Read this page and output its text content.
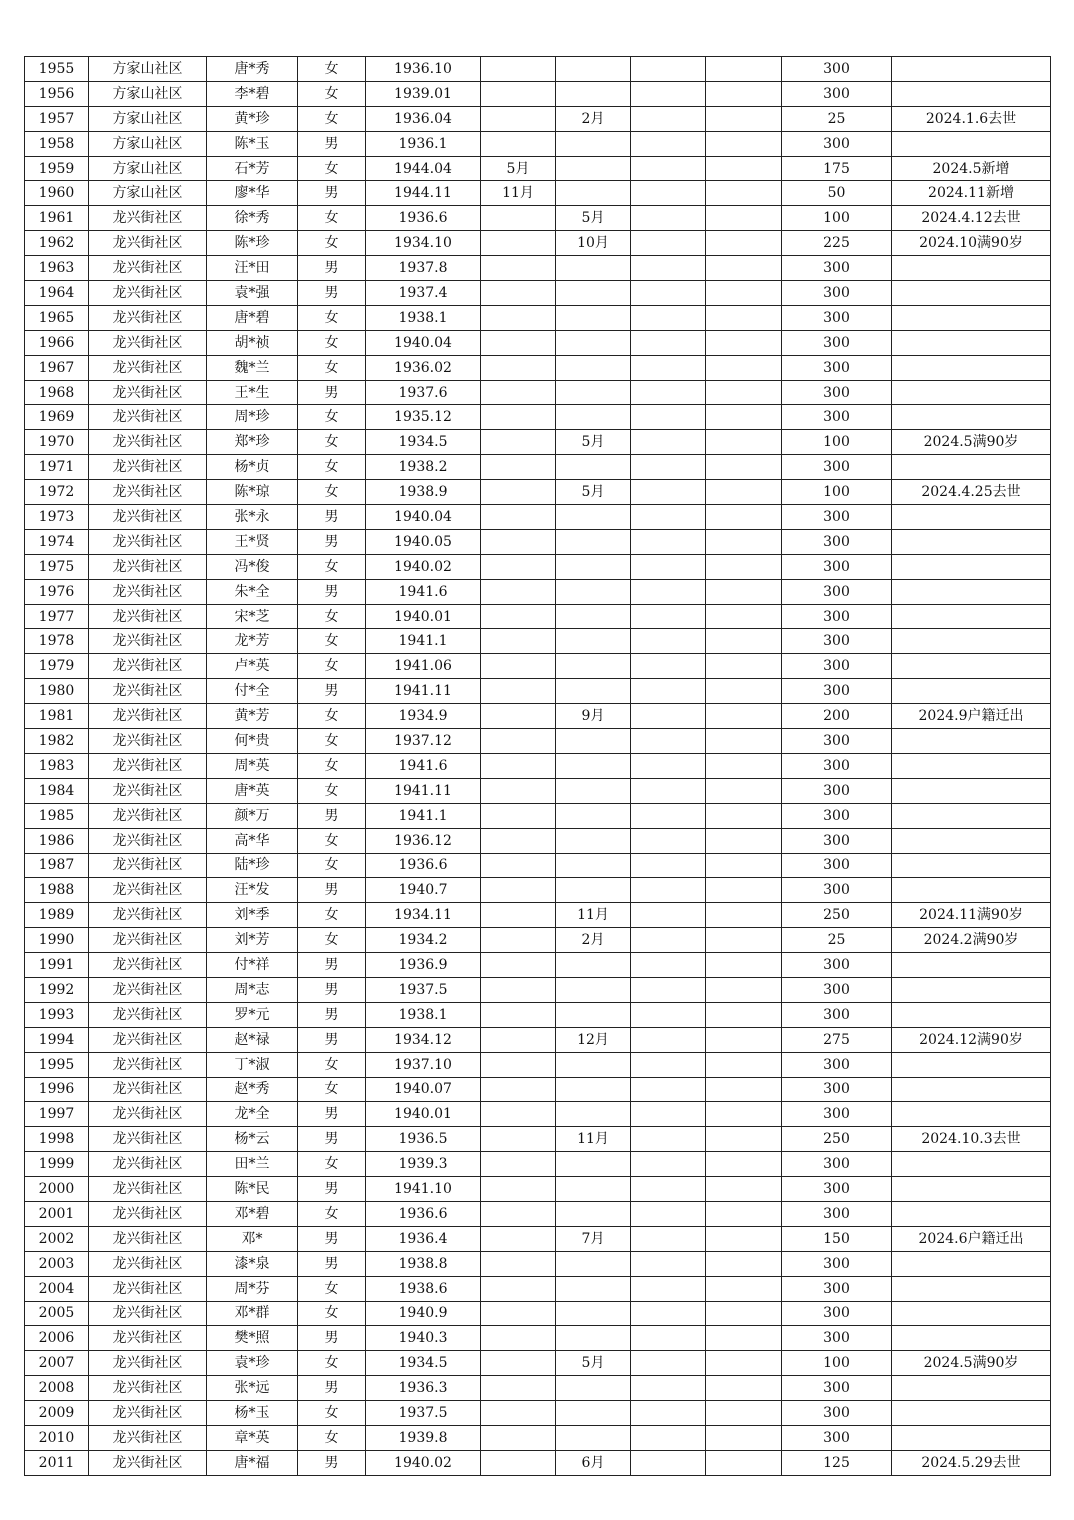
1955	方家山社区	唐*秀	女	1936.10					300	
1956	方家山社区	李*碧	女	1939.01					300	
1957	方家山社区	黄*珍	女	1936.04		2月			25	2024.1.6去世
1958	方家山社区	陈*玉	男	1936.1					300	
1959	方家山社区	石*芳	女	1944.04	5月				175	2024.5新增
1960	方家山社区	廖*华	男	1944.11	11月				50	2024.11新增
1961	龙兴街社区	徐*秀	女	1936.6		5月			100	2024.4.12去世
1962	龙兴街社区	陈*珍	女	1934.10		10月			225	2024.10满90岁
1963	龙兴街社区	汪*田	男	1937.8					300	
1964	龙兴街社区	袁*强	男	1937.4					300	
1965	龙兴街社区	唐*碧	女	1938.1					300	
1966	龙兴街社区	胡*祯	女	1940.04					300	
1967	龙兴街社区	魏*兰	女	1936.02					300	
1968	龙兴街社区	王*生	男	1937.6					300	
1969	龙兴街社区	周*珍	女	1935.12					300	
1970	龙兴街社区	郑*珍	女	1934.5		5月			100	2024.5满90岁
1971	龙兴街社区	杨*贞	女	1938.2					300	
1972	龙兴街社区	陈*琼	女	1938.9		5月			100	2024.4.25去世
1973	龙兴街社区	张*永	男	1940.04					300	
1974	龙兴街社区	王*贤	男	1940.05					300	
1975	龙兴街社区	冯*俊	女	1940.02					300	
1976	龙兴街社区	朱*全	男	1941.6					300	
1977	龙兴街社区	宋*芝	女	1940.01					300	
1978	龙兴街社区	龙*芳	女	1941.1					300	
1979	龙兴街社区	卢*英	女	1941.06					300	
1980	龙兴街社区	付*全	男	1941.11					300	
1981	龙兴街社区	黄*芳	女	1934.9		9月			200	2024.9户籍迁出
1982	龙兴街社区	何*贵	女	1937.12					300	
1983	龙兴街社区	周*英	女	1941.6					300	
1984	龙兴街社区	唐*英	女	1941.11					300	
1985	龙兴街社区	颜*万	男	1941.1					300	
1986	龙兴街社区	高*华	女	1936.12					300	
1987	龙兴街社区	陆*珍	女	1936.6					300	
1988	龙兴街社区	汪*发	男	1940.7					300	
1989	龙兴街社区	刘*季	女	1934.11		11月			250	2024.11满90岁
1990	龙兴街社区	刘*芳	女	1934.2		2月			25	2024.2满90岁
1991	龙兴街社区	付*祥	男	1936.9					300	
1992	龙兴街社区	周*志	男	1937.5					300	
1993	龙兴街社区	罗*元	男	1938.1					300	
1994	龙兴街社区	赵*禄	男	1934.12		12月			275	2024.12满90岁
1995	龙兴街社区	丁*淑	女	1937.10					300	
1996	龙兴街社区	赵*秀	女	1940.07					300	
1997	龙兴街社区	龙*全	男	1940.01					300	
1998	龙兴街社区	杨*云	男	1936.5		11月			250	2024.10.3去世
1999	龙兴街社区	田*兰	女	1939.3					300	
2000	龙兴街社区	陈*民	男	1941.10					300	
2001	龙兴街社区	邓*碧	女	1936.6					300	
2002	龙兴街社区	邓*	男	1936.4		7月			150	2024.6户籍迁出
2003	龙兴街社区	漆*泉	男	1938.8					300	
2004	龙兴街社区	周*芬	女	1938.6					300	
2005	龙兴街社区	邓*群	女	1940.9					300	
2006	龙兴街社区	樊*照	男	1940.3					300	
2007	龙兴街社区	袁*珍	女	1934.5		5月			100	2024.5满90岁
2008	龙兴街社区	张*远	男	1936.3					300	
2009	龙兴街社区	杨*玉	女	1937.5					300	
2010	龙兴街社区	章*英	女	1939.8					300	
2011	龙兴街社区	唐*福	男	1940.02		6月			125	2024.5.29去世
